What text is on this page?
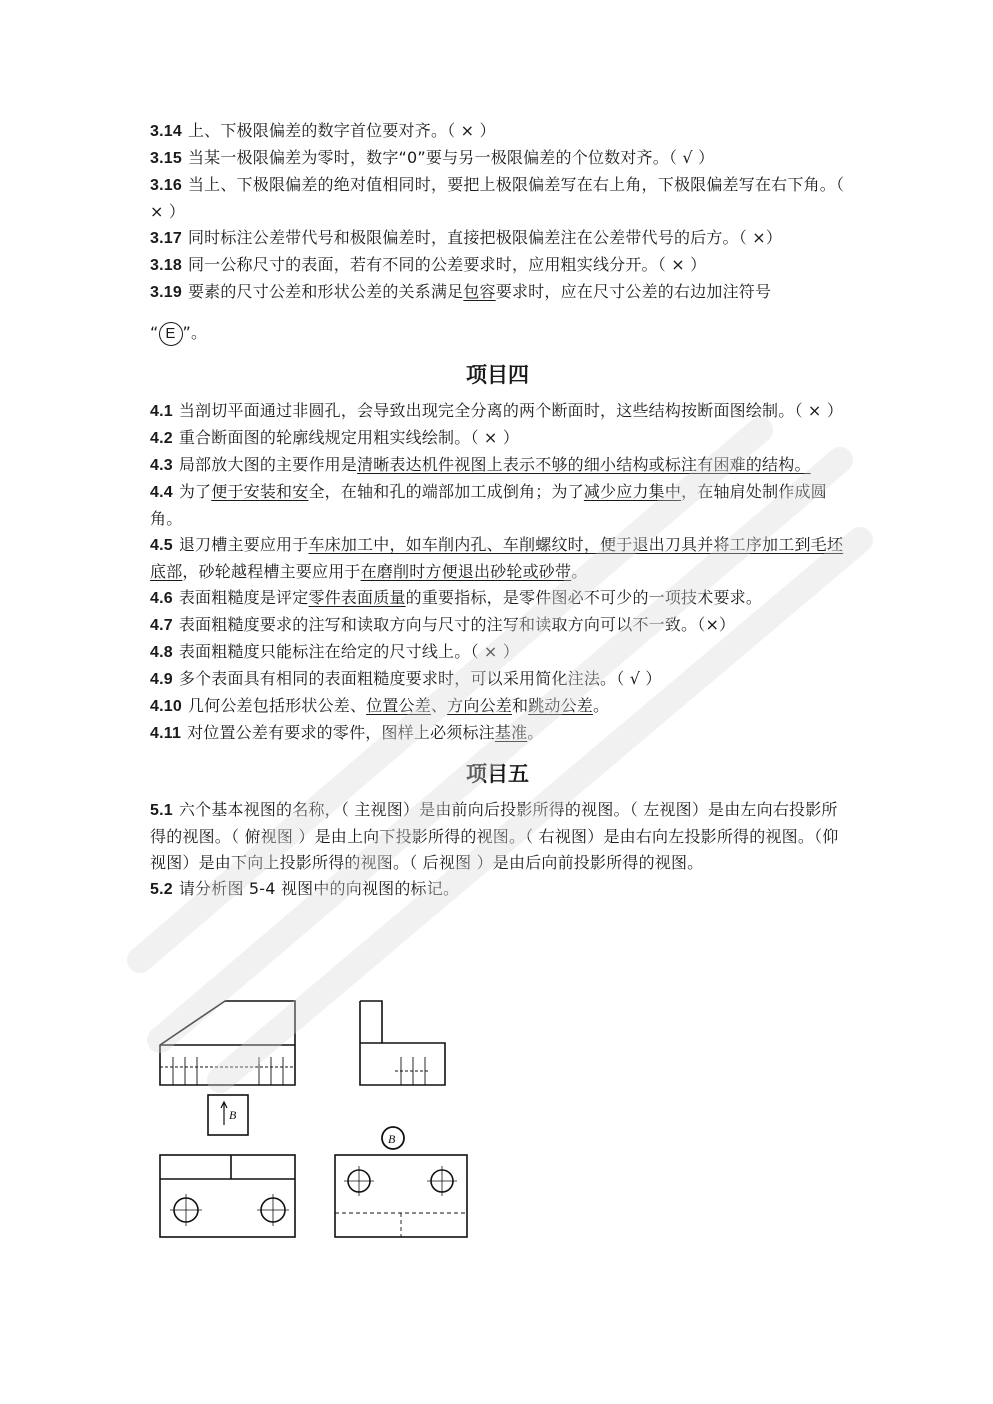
3.14 上、下极限偏差的数字首位要对齐。（ × ）
3.15 当某一极限偏差为零时，数字“0”要与另一极限偏差的个位数对齐。（ √ ）
3.16 当上、下极限偏差的绝对值相同时，要把上极限偏差写在右上角，下极限偏差写在右下角。（ × ）
3.17 同时标注公差带代号和极限偏差时，直接把极限偏差注在公差带代号的后方。（ ×）
3.18 同一公称尺寸的表面，若有不同的公差要求时，应用粗实线分开。（ × ）
3.19 要素的尺寸公差和形状公差的关系满足包容要求时，应在尺寸公差的右边加注符号
“ E ”。
项目四
4.1 当剖切平面通过非圆孔，会导致出现完全分离的两个断面时，这些结构按断面图绘制。（ × ）
4.2 重合断面图的轮廓线规定用粗实线绘制。（ × ）
4.3 局部放大图的主要作用是清晰表达机件视图上表示不够的细小结构或标注有困难的结构。
4.4 为了便于安装和安全，在轴和孔的端部加工成倒角；为了减少应力集中，在轴肩处制作成圆角。
4.5 退刀槽主要应用于车床加工中，如车削内孔、车削螺纹时，便于退出刀具并将工序加工到毛坯底部，砂轮越程槽主要应用于在磨削时方便退出砂轮或砂带。
4.6 表面粗糙度是评定零件表面质量的重要指标，是零件图必不可少的一项技术要求。
4.7 表面粗糙度要求的注写和读取方向与尺寸的注写和读取方向可以不一致。（×）
4.8 表面粗糙度只能标注在给定的尺寸线上。（ × ）
4.9 多个表面具有相同的表面粗糙度要求时，可以采用简化注法。（ √ ）
4.10 几何公差包括形状公差、位置公差、方向公差和跳动公差。
4.11 对位置公差有要求的零件，图样上必须标注基准。
项目五
5.1 六个基本视图的名称，（ 主视图）是由前向后投影所得的视图。（ 左视图）是由左向右投影所得的视图。（ 俯视图 ）是由上向下投影所得的视图。（ 右视图）是由右向左投影所得的视图。（仰视图）是由下向上投影所得的视图。（ 后视图 ）是由后向前投影所得的视图。
5.2 请分析图 5-4 视图中的向视图的标记。
B
B
